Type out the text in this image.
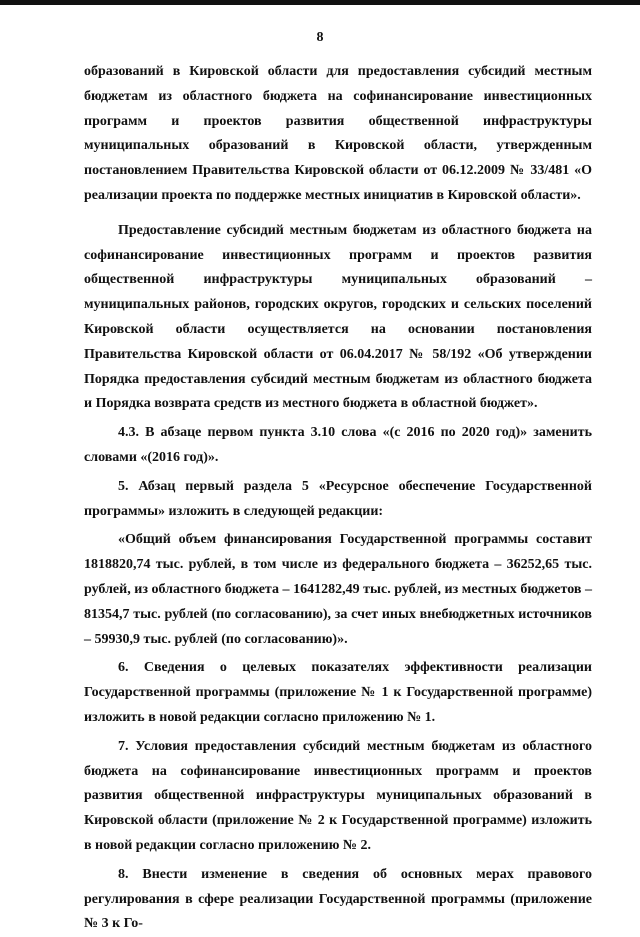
8

образований в Кировской области для предоставления субсидий местным бюджетам из областного бюджета на софинансирование инвестиционных программ и проектов развития общественной инфраструктуры муниципальных образований в Кировской области, утвержденным постановлением Правительства Кировской области от 06.12.2009 № 33/481 «О реализации проекта по поддержке местных инициатив в Кировской области».

Предоставление субсидий местным бюджетам из областного бюджета на софинансирование инвестиционных программ и проектов развития общественной инфраструктуры муниципальных образований – муниципальных районов, городских округов, городских и сельских поселений Кировской области осуществляется на основании постановления Правительства Кировской области от 06.04.2017 № 58/192 «Об утверждении Порядка предоставления субсидий местным бюджетам из областного бюджета и Порядка возврата средств из местного бюджета в областной бюджет».

4.3. В абзаце первом пункта 3.10 слова «(с 2016 по 2020 год)» заменить словами «(2016 год)».

5. Абзац первый раздела 5 «Ресурсное обеспечение Государственной программы» изложить в следующей редакции:

«Общий объем финансирования Государственной программы составит 1818820,74 тыс. рублей, в том числе из федерального бюджета – 36252,65 тыс. рублей, из областного бюджета – 1641282,49 тыс. рублей, из местных бюджетов – 81354,7 тыс. рублей (по согласованию), за счет иных внебюджетных источников – 59930,9 тыс. рублей (по согласованию)».

6. Сведения о целевых показателях эффективности реализации Государственной программы (приложение № 1 к Государственной программе) изложить в новой редакции согласно приложению № 1.

7. Условия предоставления субсидий местным бюджетам из областного бюджета на софинансирование инвестиционных программ и проектов развития общественной инфраструктуры муниципальных образований в Кировской области (приложение № 2 к Государственной программе) изложить в новой редакции согласно приложению № 2.

8. Внести изменение в сведения об основных мерах правового регулирования в сфере реализации Государственной программы (приложение № 3 к Го-
